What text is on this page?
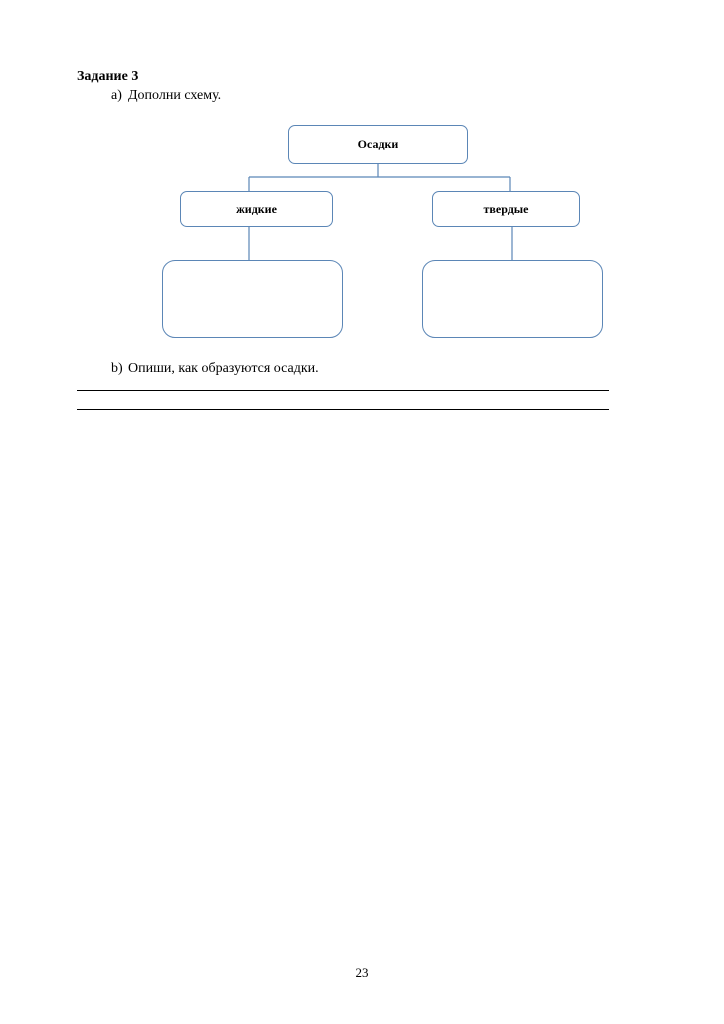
Задание 3
a) Дополни схему.
Осадки
жидкие	твердые
b) Опиши, как образуются осадки.
23
